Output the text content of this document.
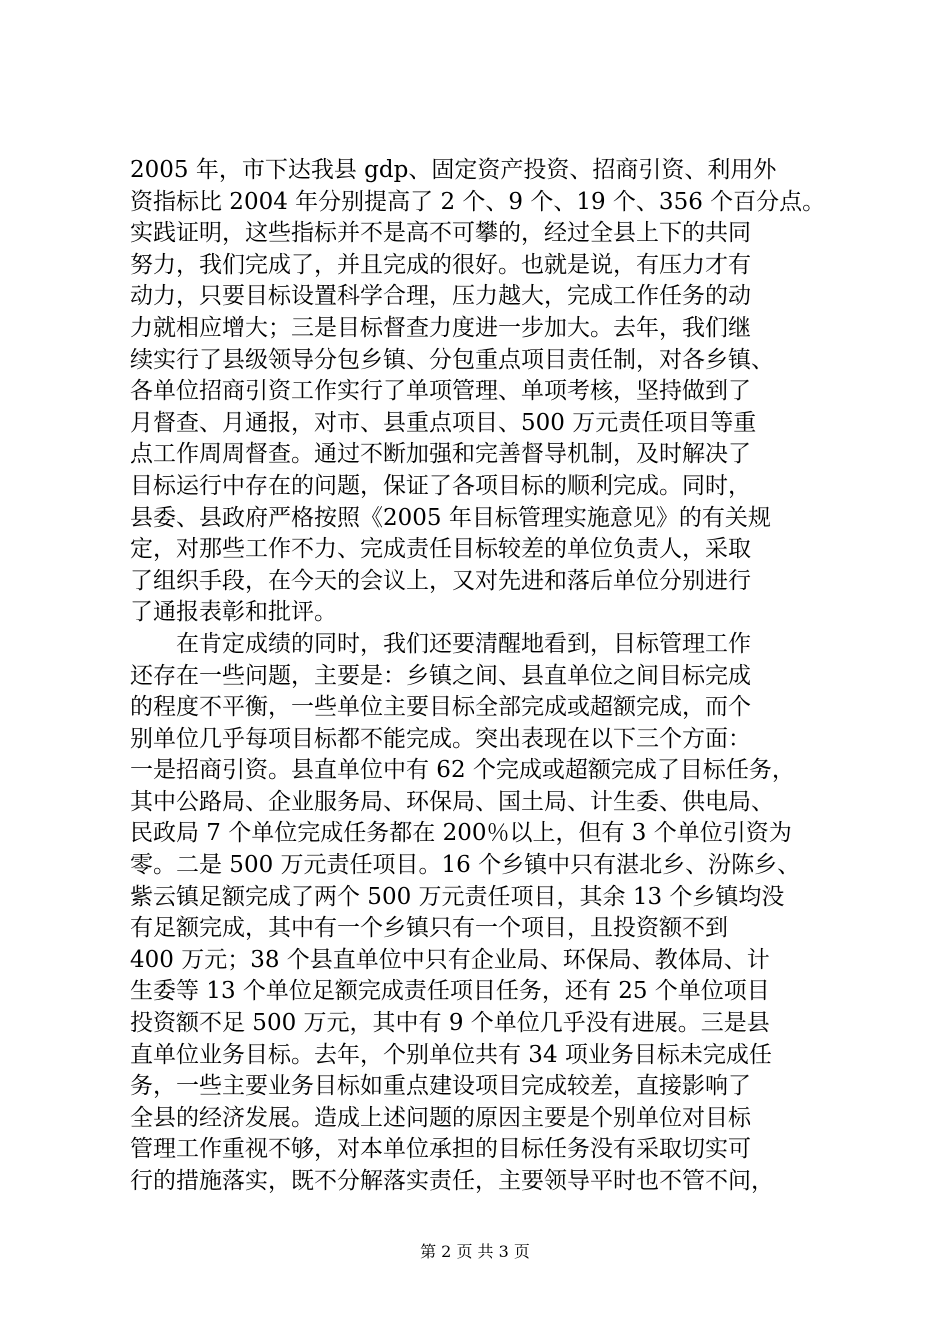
2005 年，市下达我县 gdp、固定资产投资、招商引资、利用外
资指标比 2004 年分别提高了 2 个、9 个、19 个、356 个百分点。
实践证明，这些指标并不是高不可攀的，经过全县上下的共同
努力，我们完成了，并且完成的很好。也就是说，有压力才有
动力，只要目标设置科学合理，压力越大，完成工作任务的动
力就相应增大；三是目标督查力度进一步加大。去年，我们继
续实行了县级领导分包乡镇、分包重点项目责任制，对各乡镇、
各单位招商引资工作实行了单项管理、单项考核，坚持做到了
月督查、月通报，对市、县重点项目、500 万元责任项目等重
点工作周周督查。通过不断加强和完善督导机制，及时解决了
目标运行中存在的问题，保证了各项目标的顺利完成。同时，
县委、县政府严格按照《2005 年目标管理实施意见》的有关规
定，对那些工作不力、完成责任目标较差的单位负责人，采取
了组织手段，在今天的会议上，又对先进和落后单位分别进行
了通报表彰和批评。
　　在肯定成绩的同时，我们还要清醒地看到，目标管理工作
还存在一些问题，主要是：乡镇之间、县直单位之间目标完成
的程度不平衡，一些单位主要目标全部完成或超额完成，而个
别单位几乎每项目标都不能完成。突出表现在以下三个方面：
一是招商引资。县直单位中有 62 个完成或超额完成了目标任务，
其中公路局、企业服务局、环保局、国土局、计生委、供电局、
民政局 7 个单位完成任务都在 200％以上，但有 3 个单位引资为
零。二是 500 万元责任项目。16 个乡镇中只有湛北乡、汾陈乡、
紫云镇足额完成了两个 500 万元责任项目，其余 13 个乡镇均没
有足额完成，其中有一个乡镇只有一个项目，且投资额不到
400 万元；38 个县直单位中只有企业局、环保局、教体局、计
生委等 13 个单位足额完成责任项目任务，还有 25 个单位项目
投资额不足 500 万元，其中有 9 个单位几乎没有进展。三是县
直单位业务目标。去年，个别单位共有 34 项业务目标未完成任
务，一些主要业务目标如重点建设项目完成较差，直接影响了
全县的经济发展。造成上述问题的原因主要是个别单位对目标
管理工作重视不够，对本单位承担的目标任务没有采取切实可
行的措施落实，既不分解落实责任，主要领导平时也不管不问，
第 2 页 共 3 页
